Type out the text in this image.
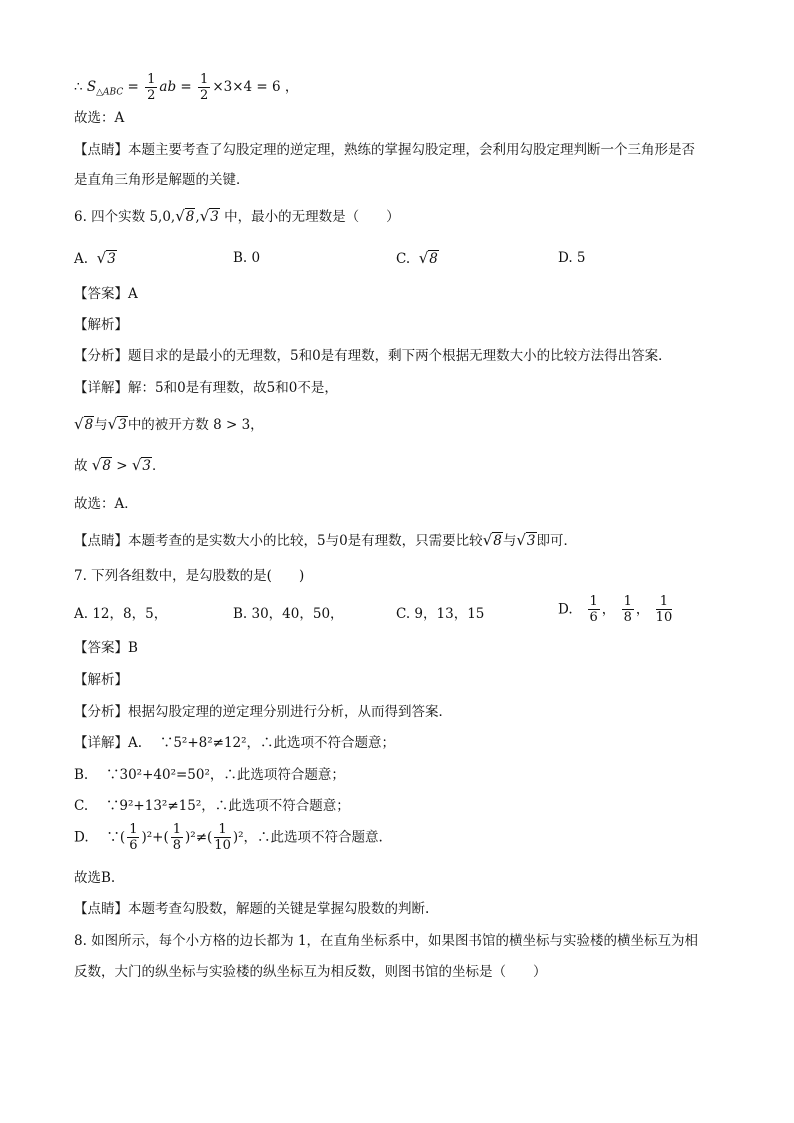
∴ $S_{\triangle ABC} = \frac{1}{2}$ ab = $\frac{1}{2} \times 3\times 4 = 6$ ，
故选：A
【点睛】本题主要考查了勾股定理的逆定理，熟练的掌握勾股定理，会利用勾股定理判断一个三角形是否
是直角三角形是解题的关键．
6. 四个实数 5,0,√8,√3 中，最小的无理数是（　　）
A. √3	B. 0	C. √8	D. 5
【答案】A
【解析】
【分析】题目求的是最小的无理数，5和0是有理数，剩下两个根据无理数大小的比较方法得出答案．
【详解】解：5和0是有理数，故5和0不是，
√8与√3中的被开方数 8 > 3，
故 √8 > √3．
故选：A．
【点睛】本题考查的是实数大小的比较，5与0是有理数，只需要比较√8与√3即可．
7. 下列各组数中，是勾股数的是(　　)
A. 12，8，5，	B. 30，40，50，	C. 9，13，15	D. $\frac{1}{6}$ ， $\frac{1}{8}$ ， $\frac{1}{10}$
【答案】B
【解析】
【分析】根据勾股定理的逆定理分别进行分析，从而得到答案．
【详解】A.　 ∵5²+8²≠12²，∴此选项不符合题意；
B.　 ∵30²+40²=50²，∴此选项符合题意；
C.　 ∵9²+13²≠15²，∴此选项不符合题意；
D.　 ∵( $\frac{1}{6} )^2+( \frac{1}{8} )^2\ne( \frac{1}{10} )^2$，∴此选项不符合题意.
故选B.
【点睛】本题考查勾股数，解题的关键是掌握勾股数的判断.
8. 如图所示，每个小方格的边长都为 1，在直角坐标系中，如果图书馆的横坐标与实验楼的横坐标互为相
反数，大门的纵坐标与实验楼的纵坐标互为相反数，则图书馆的坐标是（　　）
